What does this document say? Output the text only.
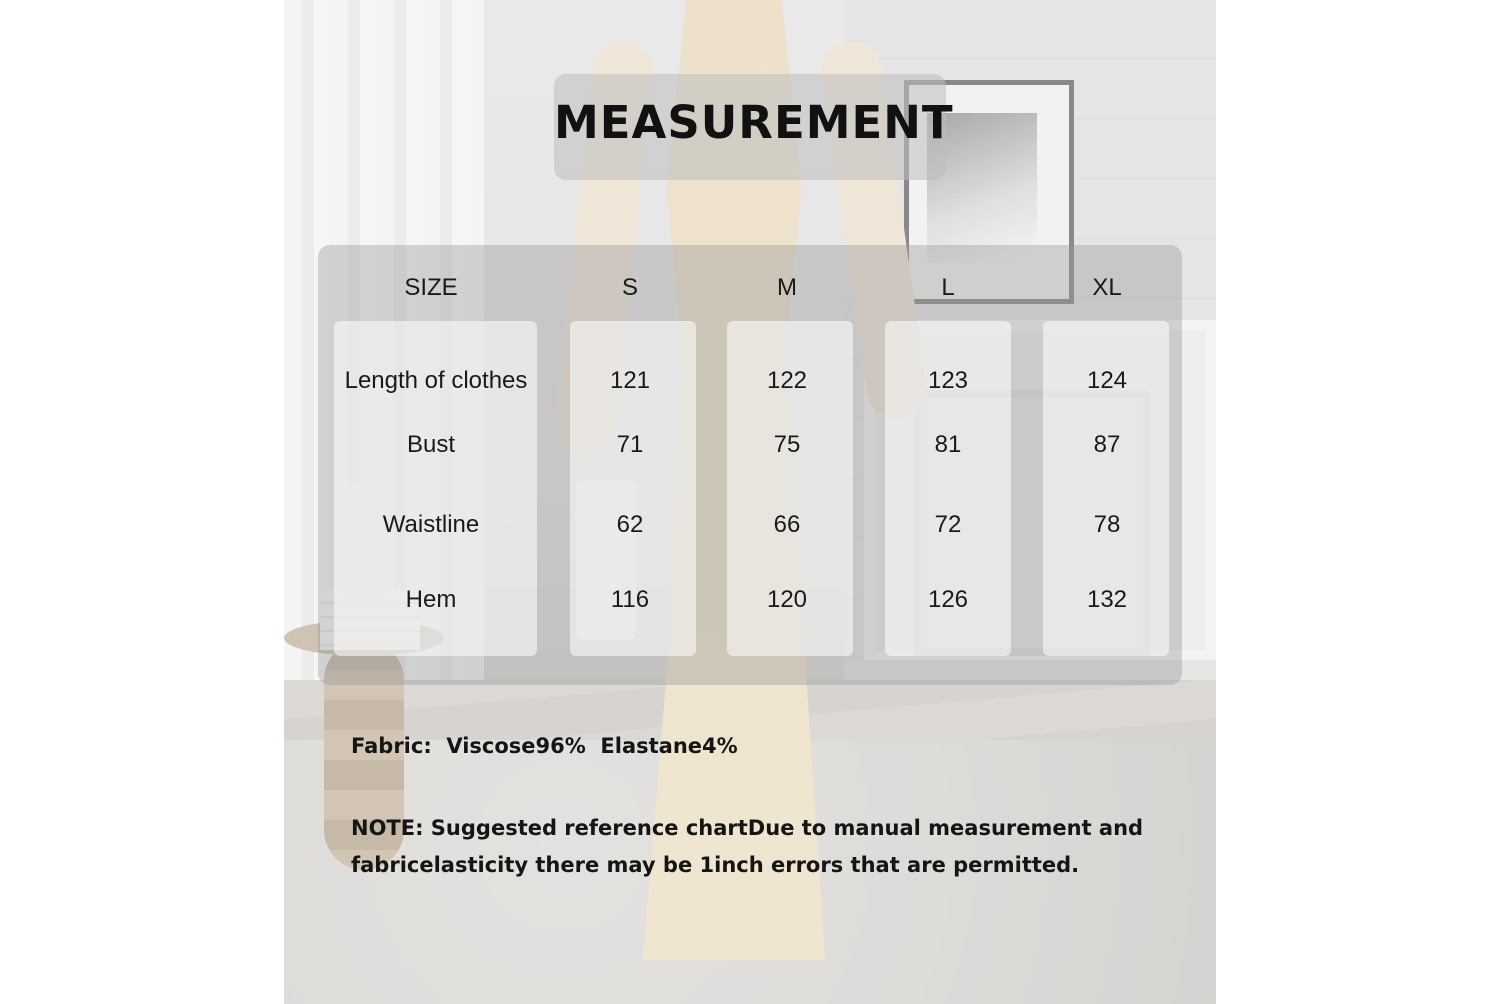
MEASUREMENT
SIZE	S	M	L	XL
Length of clothes	121	122	123	124
Bust	71	75	81	87
Waistline	62	66	72	78
Hem	116	120	126	132
Fabric:  Viscose96%  Elastane4%
NOTE: Suggested reference chartDue to manual measurement and fabricelasticity there may be 1inch errors that are permitted.
